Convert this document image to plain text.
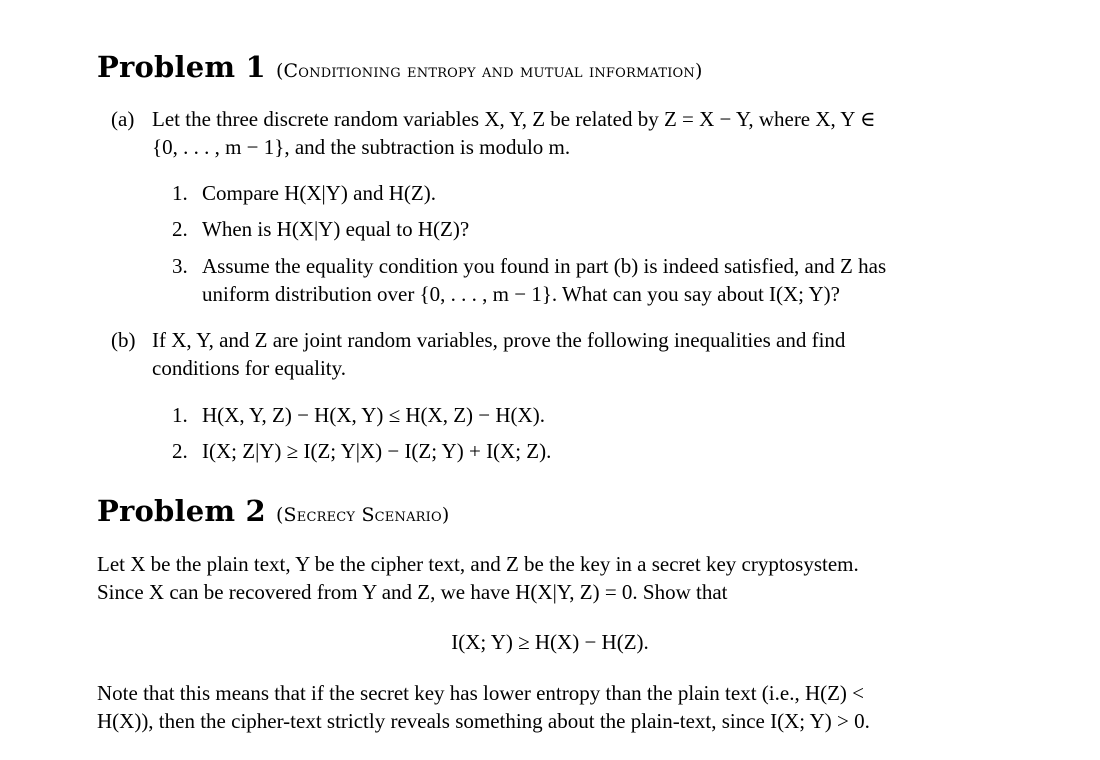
Problem 1 (Conditioning entropy and mutual information)
(a) Let the three discrete random variables X, Y, Z be related by Z = X − Y, where X, Y ∈
{0, . . . , m − 1}, and the subtraction is modulo m.
1. Compare H(X|Y) and H(Z).
2. When is H(X|Y) equal to H(Z)?
3. Assume the equality condition you found in part (b) is indeed satisfied, and Z has
uniform distribution over {0, . . . , m − 1}. What can you say about I(X; Y)?
(b) If X, Y, and Z are joint random variables, prove the following inequalities and find
conditions for equality.
1. H(X, Y, Z) − H(X, Y) ≤ H(X, Z) − H(X).
2. I(X; Z|Y) ≥ I(Z; Y|X) − I(Z; Y) + I(X; Z).
Problem 2 (Secrecy Scenario)
Let X be the plain text, Y be the cipher text, and Z be the key in a secret key cryptosystem.
Since X can be recovered from Y and Z, we have H(X|Y, Z) = 0. Show that
I(X; Y) ≥ H(X) − H(Z).
Note that this means that if the secret key has lower entropy than the plain text (i.e., H(Z) <
H(X)), then the cipher-text strictly reveals something about the plain-text, since I(X; Y) > 0.
